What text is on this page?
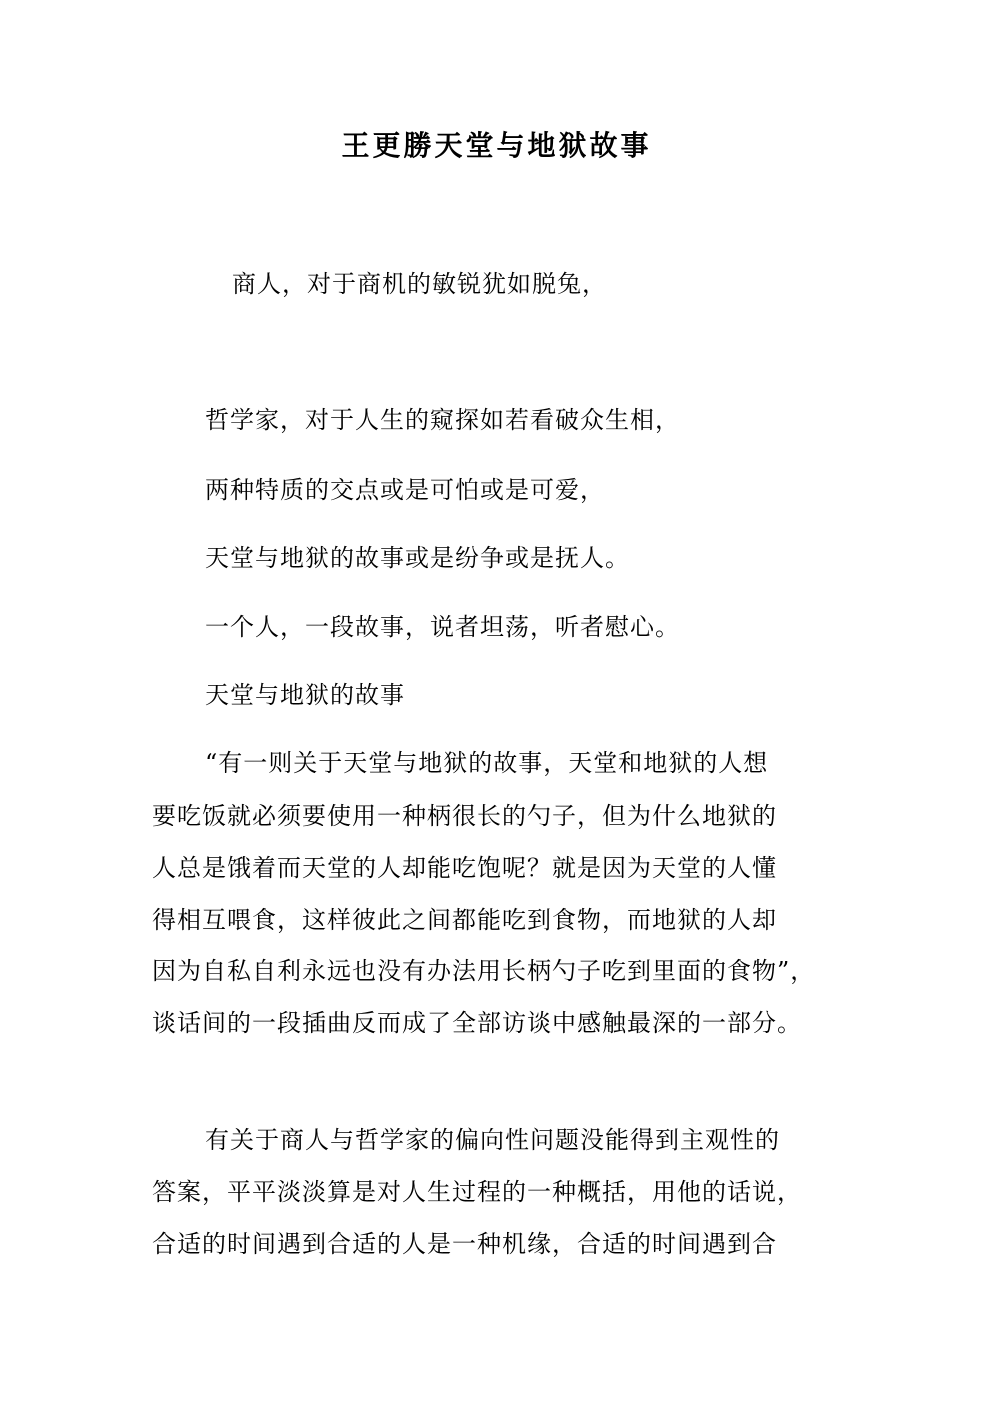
王更勝天堂与地狱故事
商人，对于商机的敏锐犹如脱兔，
哲学家，对于人生的窥探如若看破众生相，
两种特质的交点或是可怕或是可爱，
天堂与地狱的故事或是纷争或是抚人。
一个人，一段故事，说者坦荡，听者慰心。
天堂与地狱的故事
“有一则关于天堂与地狱的故事，天堂和地狱的人想
要吃饭就必须要使用一种柄很长的勺子，但为什么地狱的
人总是饿着而天堂的人却能吃饱呢？就是因为天堂的人懂
得相互喂食，这样彼此之间都能吃到食物，而地狱的人却
因为自私自利永远也没有办法用长柄勺子吃到里面的食物”，
谈话间的一段插曲反而成了全部访谈中感触最深的一部分。
有关于商人与哲学家的偏向性问题没能得到主观性的
答案，平平淡淡算是对人生过程的一种概括，用他的话说，
合适的时间遇到合适的人是一种机缘，合适的时间遇到合
